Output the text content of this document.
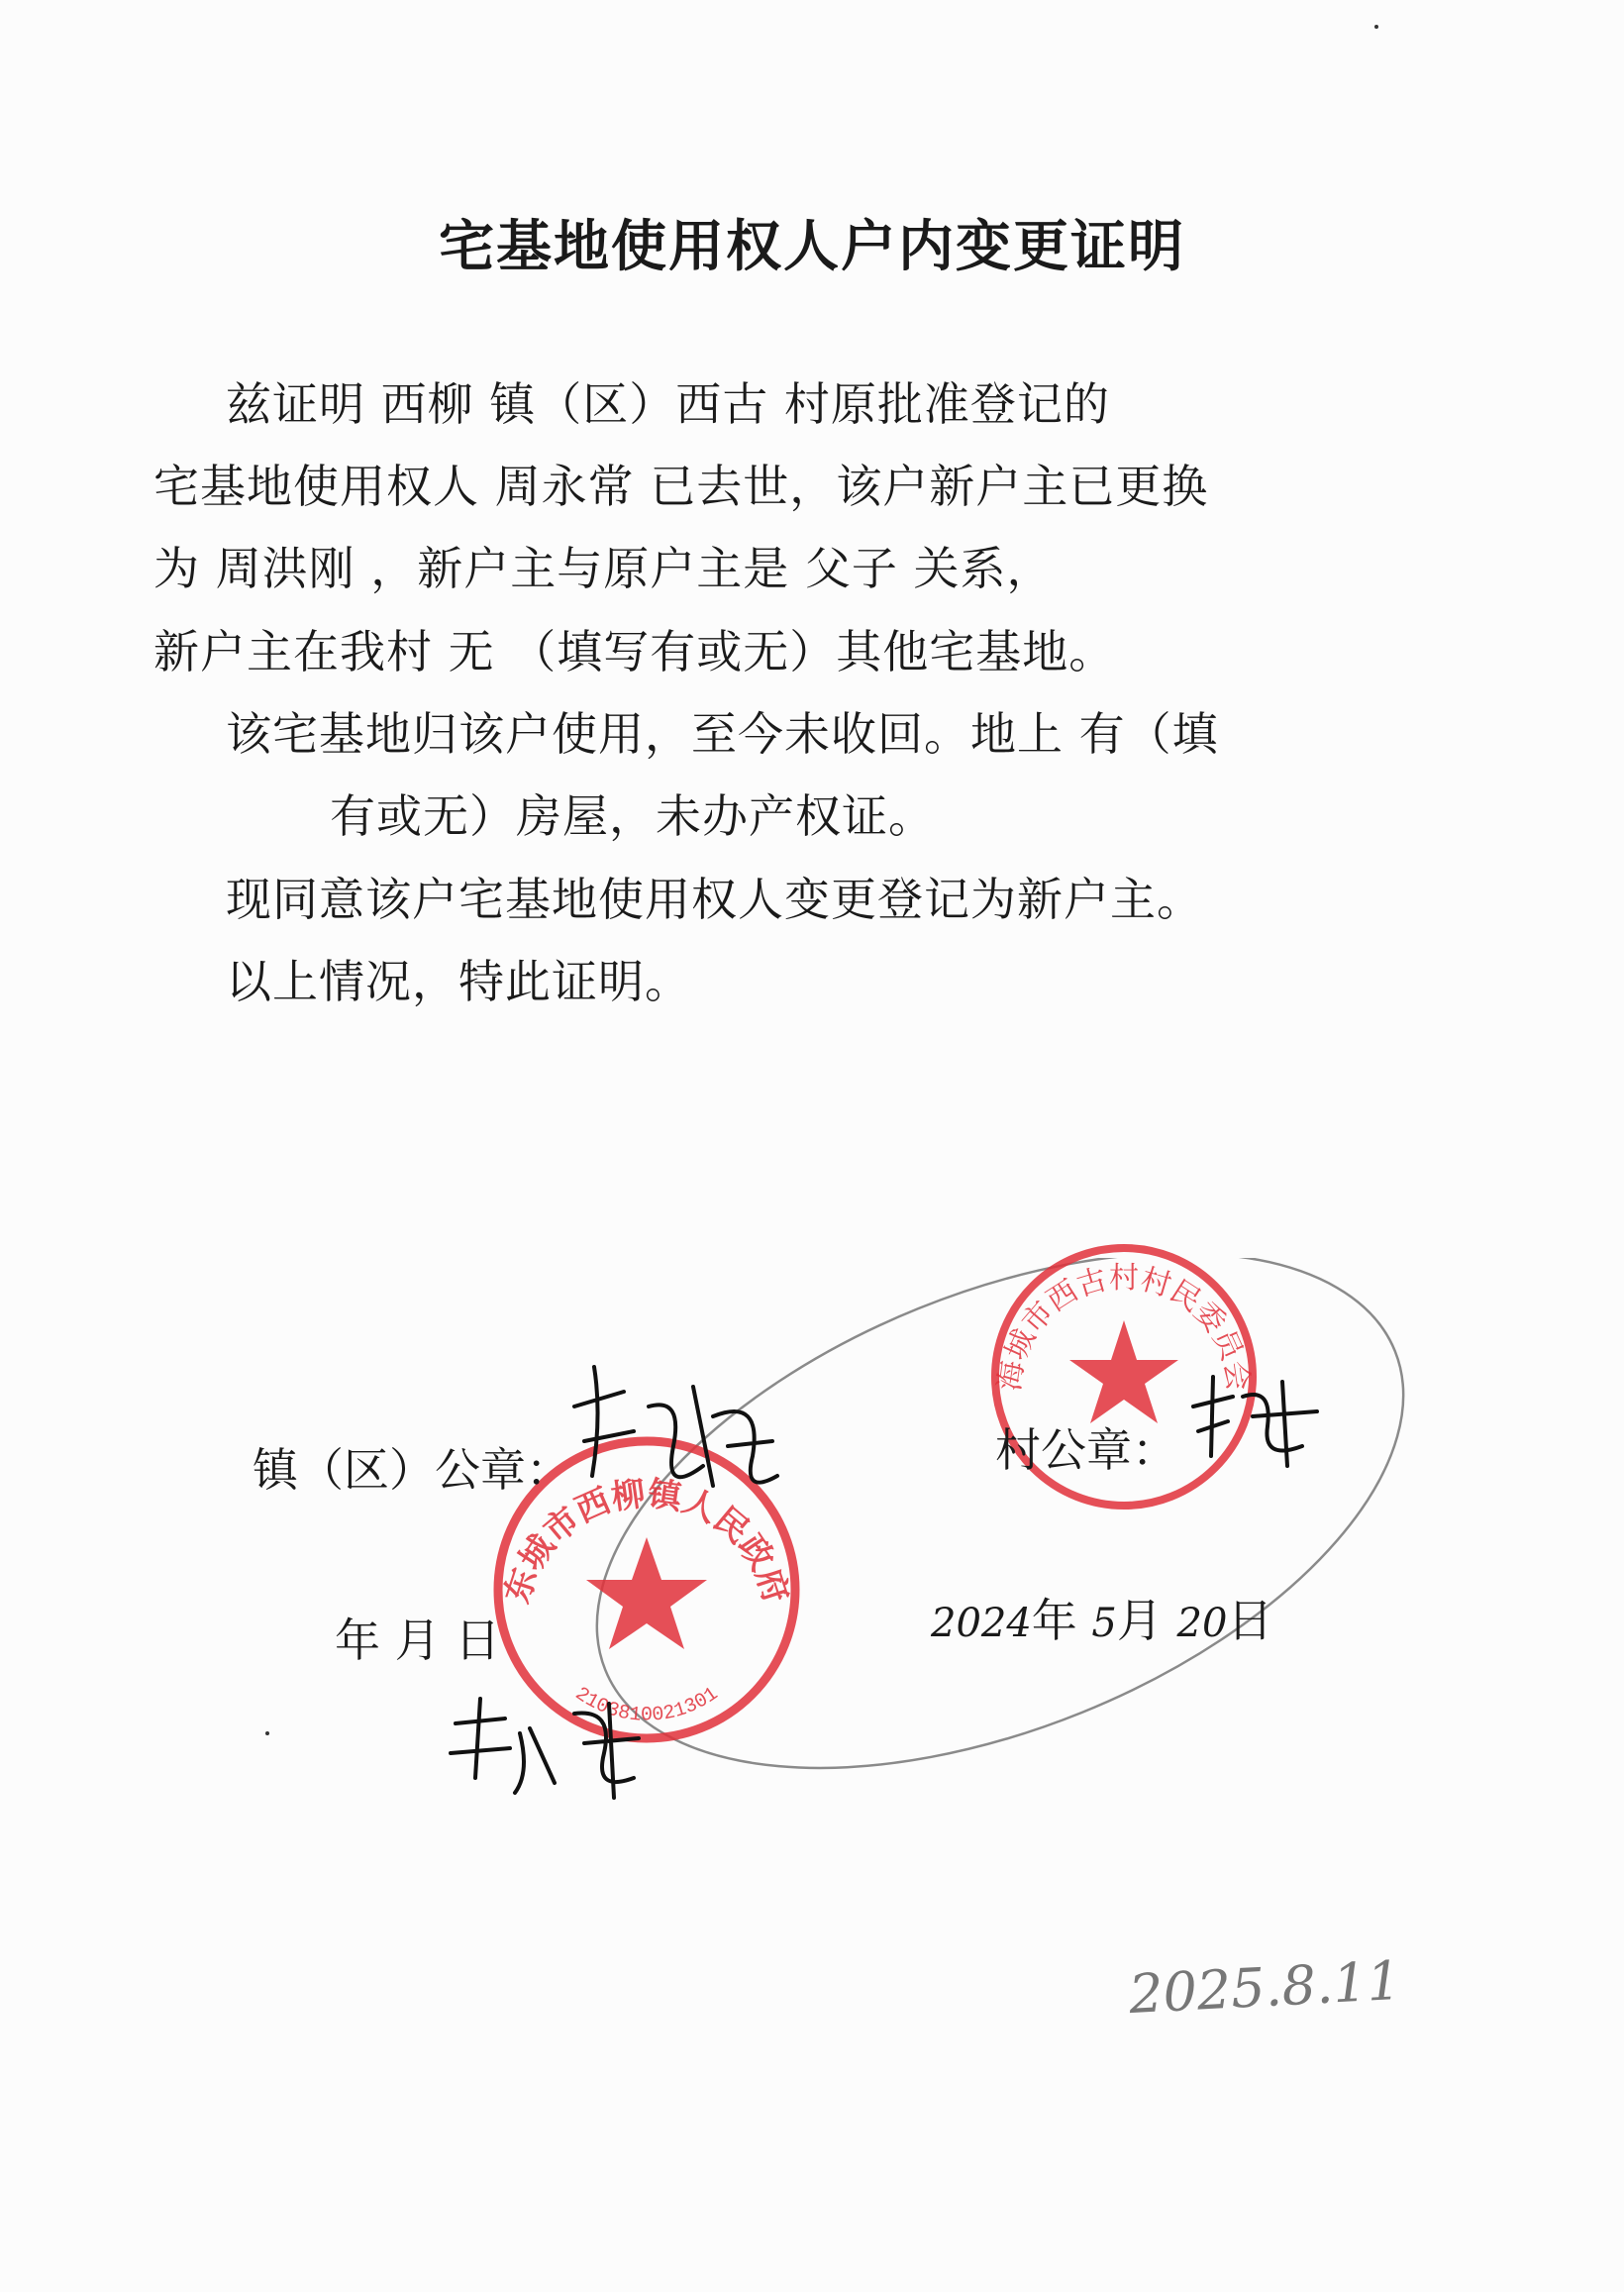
宅基地使用权人户内变更证明
兹证明 西柳 镇（区）西古 村原批准登记的
宅基地使用权人 周永常 已去世，该户新户主已更换
为 周洪刚 ，新户主与原户主是 父子 关系，
新户主在我村 无 （填写有或无）其他宅基地。
该宅基地归该户使用，至今未收回。地上 有（填
有或无）房屋，未办产权证。
现同意该户宅基地使用权人变更登记为新户主。
以上情况，特此证明。
海城市西古村村民委员会
东城市西柳镇人民政府
2103810021301
镇（区）公章：	村公章：
年 月 日	2024年 5月 20日
2025.8.11
